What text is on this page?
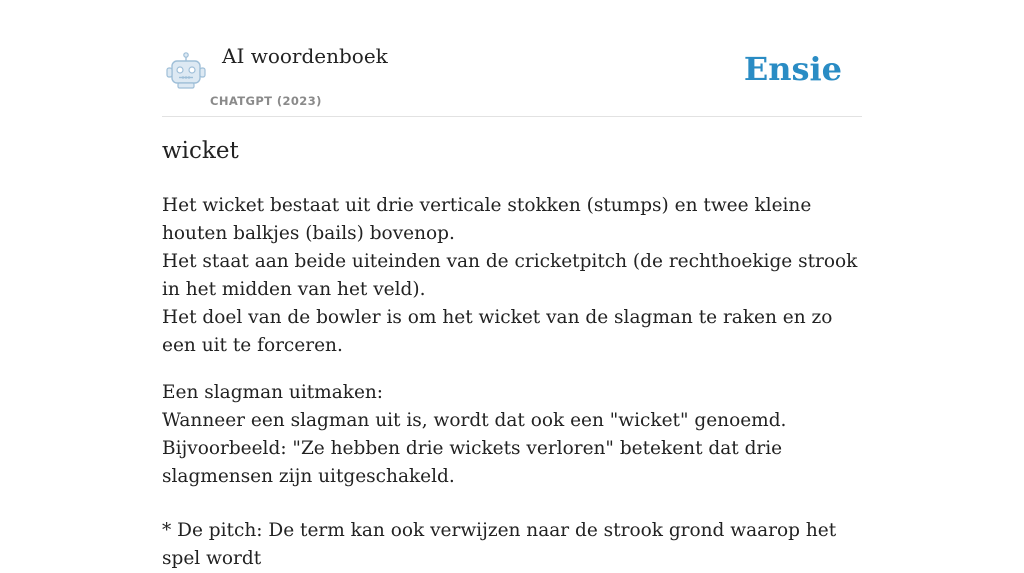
AI woordenboek
CHATGPT (2023)
Ensie
wicket

Het wicket bestaat uit drie verticale stokken (stumps) en twee kleine houten balkjes (bails) bovenop.

Het staat aan beide uiteinden van de cricketpitch (de rechthoekige strook in het midden van het veld).

Het doel van de bowler is om het wicket van de slagman te raken en zo een uit te forceren.

Een slagman uitmaken:

Wanneer een slagman uit is, wordt dat ook een "wicket" genoemd. Bijvoorbeeld: "Ze hebben drie wickets verloren" betekent dat drie slagmensen zijn uitgeschakeld.

* De pitch: De term kan ook verwijzen naar de strook grond waarop het spel wordt
